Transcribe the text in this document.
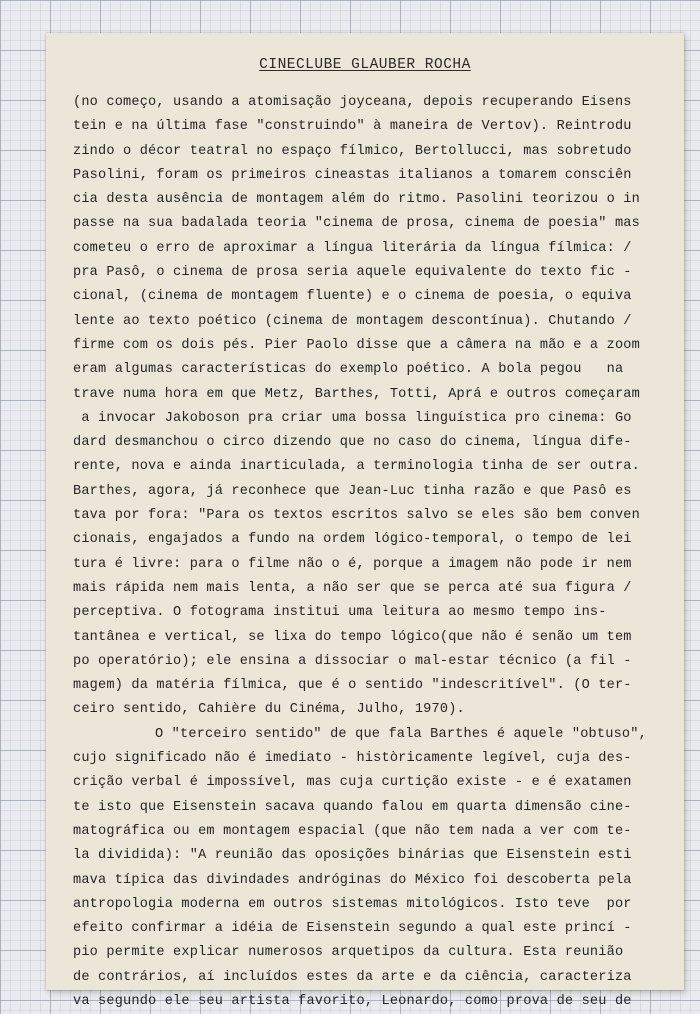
CINECLUBE GLAUBER ROCHA
(no começo, usando a atomisação joyceana, depois recuperando Eisens
tein e na última fase "construindo" à maneira de Vertov). Reintrodu
zindo o décor teatral no espaço fílmico, Bertollucci, mas sobretudo
Pasolini, foram os primeiros cineastas italianos a tomarem consciên
cia desta ausência de montagem além do ritmo. Pasolini teorizou o in
passe na sua badalada teoria "cinema de prosa, cinema de poesia" mas
cometeu o erro de aproximar a língua literária da língua fílmica: /
pra Pasô, o cinema de prosa seria aquele equivalente do texto fic -
cional, (cinema de montagem fluente) e o cinema de poesia, o equiva
lente ao texto poético (cinema de montagem descontínua). Chutando /
firme com os dois pés. Pier Paolo disse que a câmera na mão e a zoom
eram algumas características do exemplo poético. A bola pegou   na
trave numa hora em que Metz, Barthes, Totti, Aprá e outros começaram
a invocar Jakoboson pra criar uma bossa linguística pro cinema: Go
dard desmanchou o circo dizendo que no caso do cinema, língua dife-
rente, nova e ainda inarticulada, a terminologia tinha de ser outra.
Barthes, agora, já reconhece que Jean-Luc tinha razão e que Pasô es
tava por fora: "Para os textos escritos salvo se eles são bem conven
cionais, engajados a fundo na ordem lógico-temporal, o tempo de lei
tura é livre: para o filme não o é, porque a imagem não pode ir nem
mais rápida nem mais lenta, a não ser que se perca até sua figura /
perceptiva. O fotograma institui uma leitura ao mesmo tempo ins-
tantânea e vertical, se lixa do tempo lógico(que não é senão um tem
po operatório); ele ensina a dissociar o mal-estar técnico (a fil -
magem) da matéria fílmica, que é o sentido "indescritível". (O ter-
ceiro sentido, Cahière du Cinéma, Julho, 1970).
O "terceiro sentido" de que fala Barthes é aquele "obtuso",
cujo significado não é imediato - històricamente legível, cuja des-
crição verbal é impossível, mas cuja curtição existe - e é exatamen
te isto que Eisenstein sacava quando falou em quarta dimensão cine-
matográfica ou em montagem espacial (que não tem nada a ver com te-
la dividida): "A reunião das oposições binárias que Eisenstein esti
mava típica das divindades andróginas do México foi descoberta pela
antropologia moderna em outros sistemas mitológicos. Isto teve  por
efeito confirmar a idéia de Eisenstein segundo a qual este princí -
pio permite explicar numerosos arquetipos da cultura. Esta reunião
de contrários, aí incluídos estes da arte e da ciência, caracteriza
va segundo ele seu artista favorito, Leonardo, como prova de seu de
